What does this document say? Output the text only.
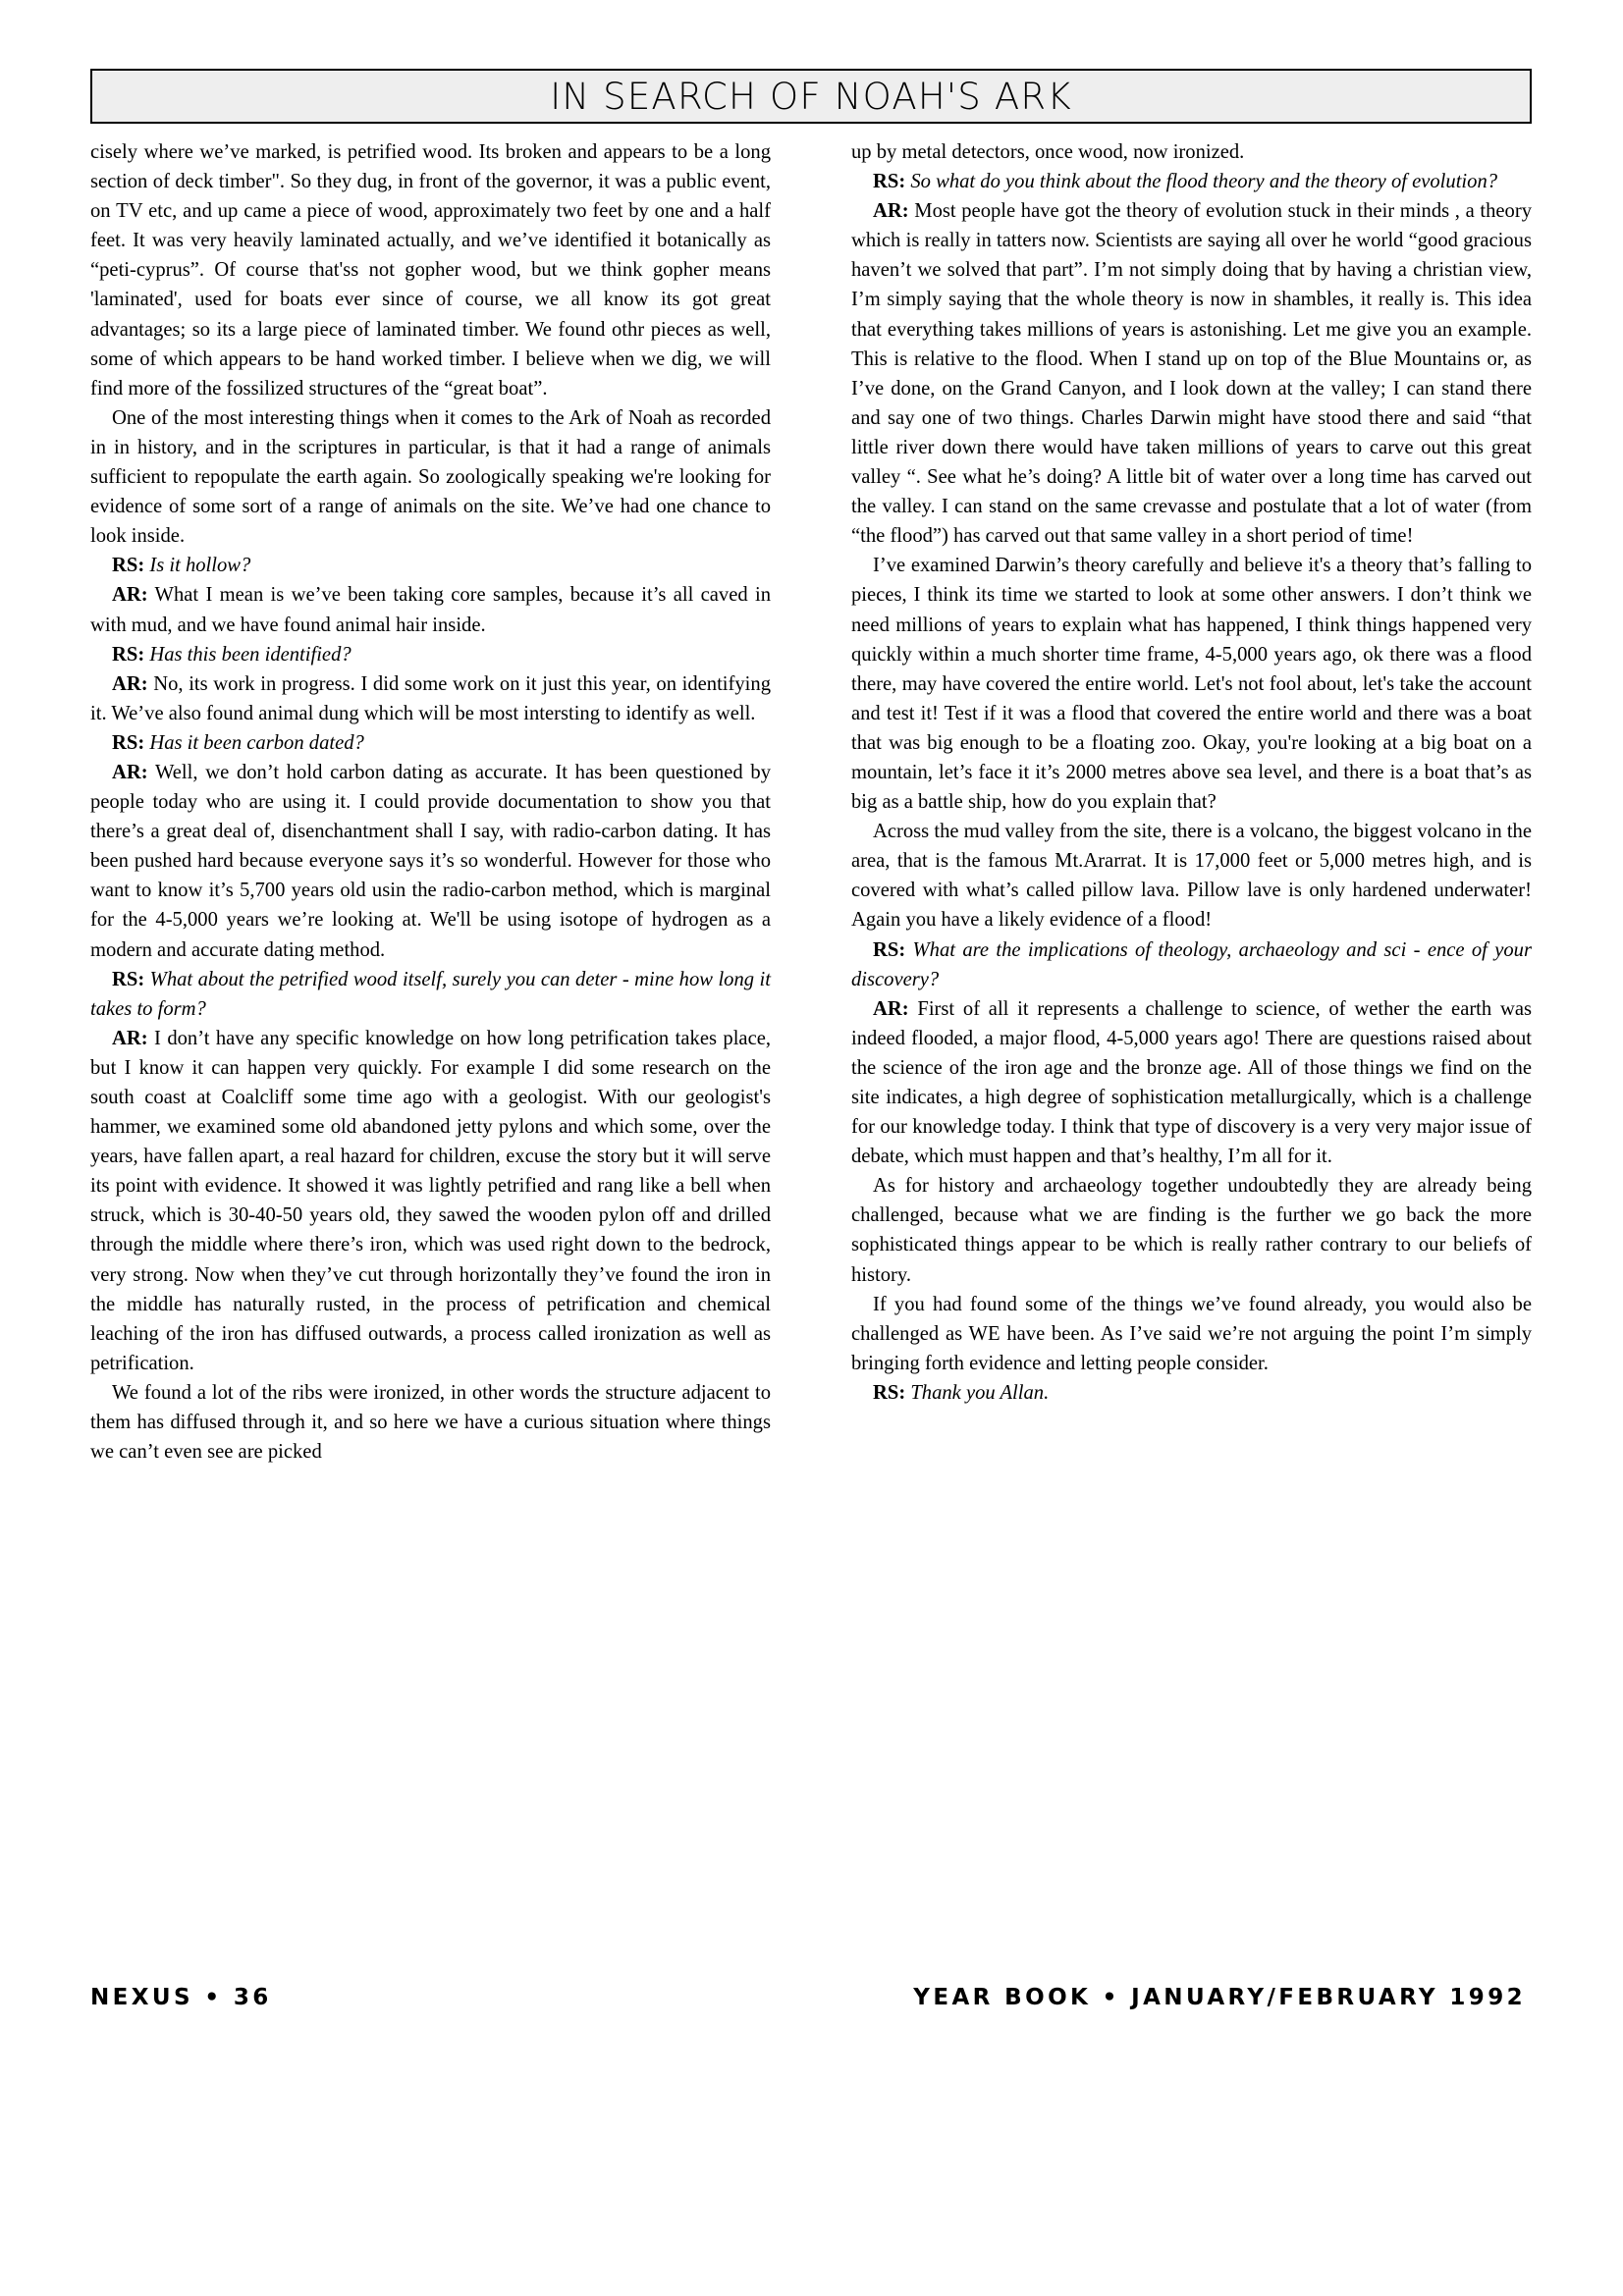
IN SEARCH OF NOAH'S ARK

cisely where we’ve marked, is petrified wood. Its broken and appears to be a long section of deck timber". So they dug, in front of the governor, it was a public event, on TV etc, and up came a piece of wood, approximately two feet by one and a half feet. It was very heavily laminated actually, and we’ve identified it botanically as “peti-cyprus”. Of course that'ss not gopher wood, but we think gopher means 'laminated', used for boats ever since of course, we all know its got great advantages; so its a large piece of laminated timber. We found othr pieces as well, some of which appears to be hand worked timber. I believe when we dig, we will find more of the fossilized structures of the “great boat”.

One of the most interesting things when it comes to the Ark of Noah as recorded in in history, and in the scriptures in particular, is that it had a range of animals sufficient to repopulate the earth again. So zoologically speaking we're looking for evidence of some sort of a range of animals on the site. We’ve had one chance to look inside.

RS: Is it hollow?

AR: What I mean is we’ve been taking core samples, because it’s all caved in with mud, and we have found animal hair inside.

RS: Has this been identified?

AR: No, its work in progress. I did some work on it just this year, on identifying it. We’ve also found animal dung which will be most intersting to identify as well.

RS: Has it been carbon dated?

AR: Well, we don’t hold carbon dating as accurate. It has been questioned by people today who are using it. I could provide documentation to show you that there’s a great deal of, disenchantment shall I say, with radio-carbon dating. It has been pushed hard because everyone says it’s so wonderful. However for those who want to know it’s 5,700 years old usin the radio-carbon method, which is marginal for the 4-5,000 years we’re looking at. We'll be using isotope of hydrogen as a modern and accurate dating method.

RS: What about the petrified wood itself, surely you can deter - mine how long it takes to form?

AR: I don’t have any specific knowledge on how long petrification takes place, but I know it can happen very quickly. For example I did some research on the south coast at Coalcliff some time ago with a geologist. With our geologist's hammer, we examined some old abandoned jetty pylons and which some, over the years, have fallen apart, a real hazard for children, excuse the story but it will serve its point with evidence. It showed it was lightly petrified and rang like a bell when struck, which is 30-40-50 years old, they sawed the wooden pylon off and drilled through the middle where there’s iron, which was used right down to the bedrock, very strong. Now when they’ve cut through horizontally they’ve found the iron in the middle has naturally rusted, in the process of petrification and chemical leaching of the iron has diffused outwards, a process called ironization as well as petrification.

We found a lot of the ribs were ironized, in other words the structure adjacent to them has diffused through it, and so here we have a curious situation where things we can’t even see are picked

up by metal detectors, once wood, now ironized.

RS: So what do you think about the flood theory and the theory of evolution?

AR: Most people have got the theory of evolution stuck in their minds , a theory which is really in tatters now. Scientists are saying all over he world “good gracious haven’t we solved that part”. I’m not simply doing that by having a christian view, I’m simply saying that the whole theory is now in shambles, it really is. This idea that everything takes millions of years is astonishing. Let me give you an example. This is relative to the flood. When I stand up on top of the Blue Mountains or, as I’ve done, on the Grand Canyon, and I look down at the valley; I can stand there and say one of two things. Charles Darwin might have stood there and said “that little river down there would have taken millions of years to carve out this great valley “. See what he’s doing? A little bit of water over a long time has carved out the valley. I can stand on the same crevasse and postulate that a lot of water (from “the flood”) has carved out that same valley in a short period of time!

I’ve examined Darwin’s theory carefully and believe it's a theory that’s falling to pieces, I think its time we started to look at some other answers. I don’t think we need millions of years to explain what has happened, I think things happened very quickly within a much shorter time frame, 4-5,000 years ago, ok there was a flood there, may have covered the entire world. Let's not fool about, let's take the account and test it! Test if it was a flood that covered the entire world and there was a boat that was big enough to be a floating zoo. Okay, you're looking at a big boat on a mountain, let’s face it it’s 2000 metres above sea level, and there is a boat that’s as big as a battle ship, how do you explain that?

Across the mud valley from the site, there is a volcano, the biggest volcano in the area, that is the famous Mt.Ararrat. It is 17,000 feet or 5,000 metres high, and is covered with what’s called pillow lava. Pillow lave is only hardened underwater! Again you have a likely evidence of a flood!

RS: What are the implications of theology, archaeology and sci - ence of your discovery?

AR: First of all it represents a challenge to science, of wether the earth was indeed flooded, a major flood, 4-5,000 years ago! There are questions raised about the science of the iron age and the bronze age. All of those things we find on the site indicates, a high degree of sophistication metallurgically, which is a challenge for our knowledge today. I think that type of discovery is a very very major issue of debate, which must happen and that’s healthy, I’m all for it.

As for history and archaeology together undoubtedly they are already being challenged, because what we are finding is the further we go back the more sophisticated things appear to be which is really rather contrary to our beliefs of history.

If you had found some of the things we’ve found already, you would also be challenged as WE have been. As I’ve said we’re not arguing the point I’m simply bringing forth evidence and letting people consider.

RS: Thank you Allan.

NEXUS • 36	YEAR BOOK • JANUARY/FEBRUARY 1992
